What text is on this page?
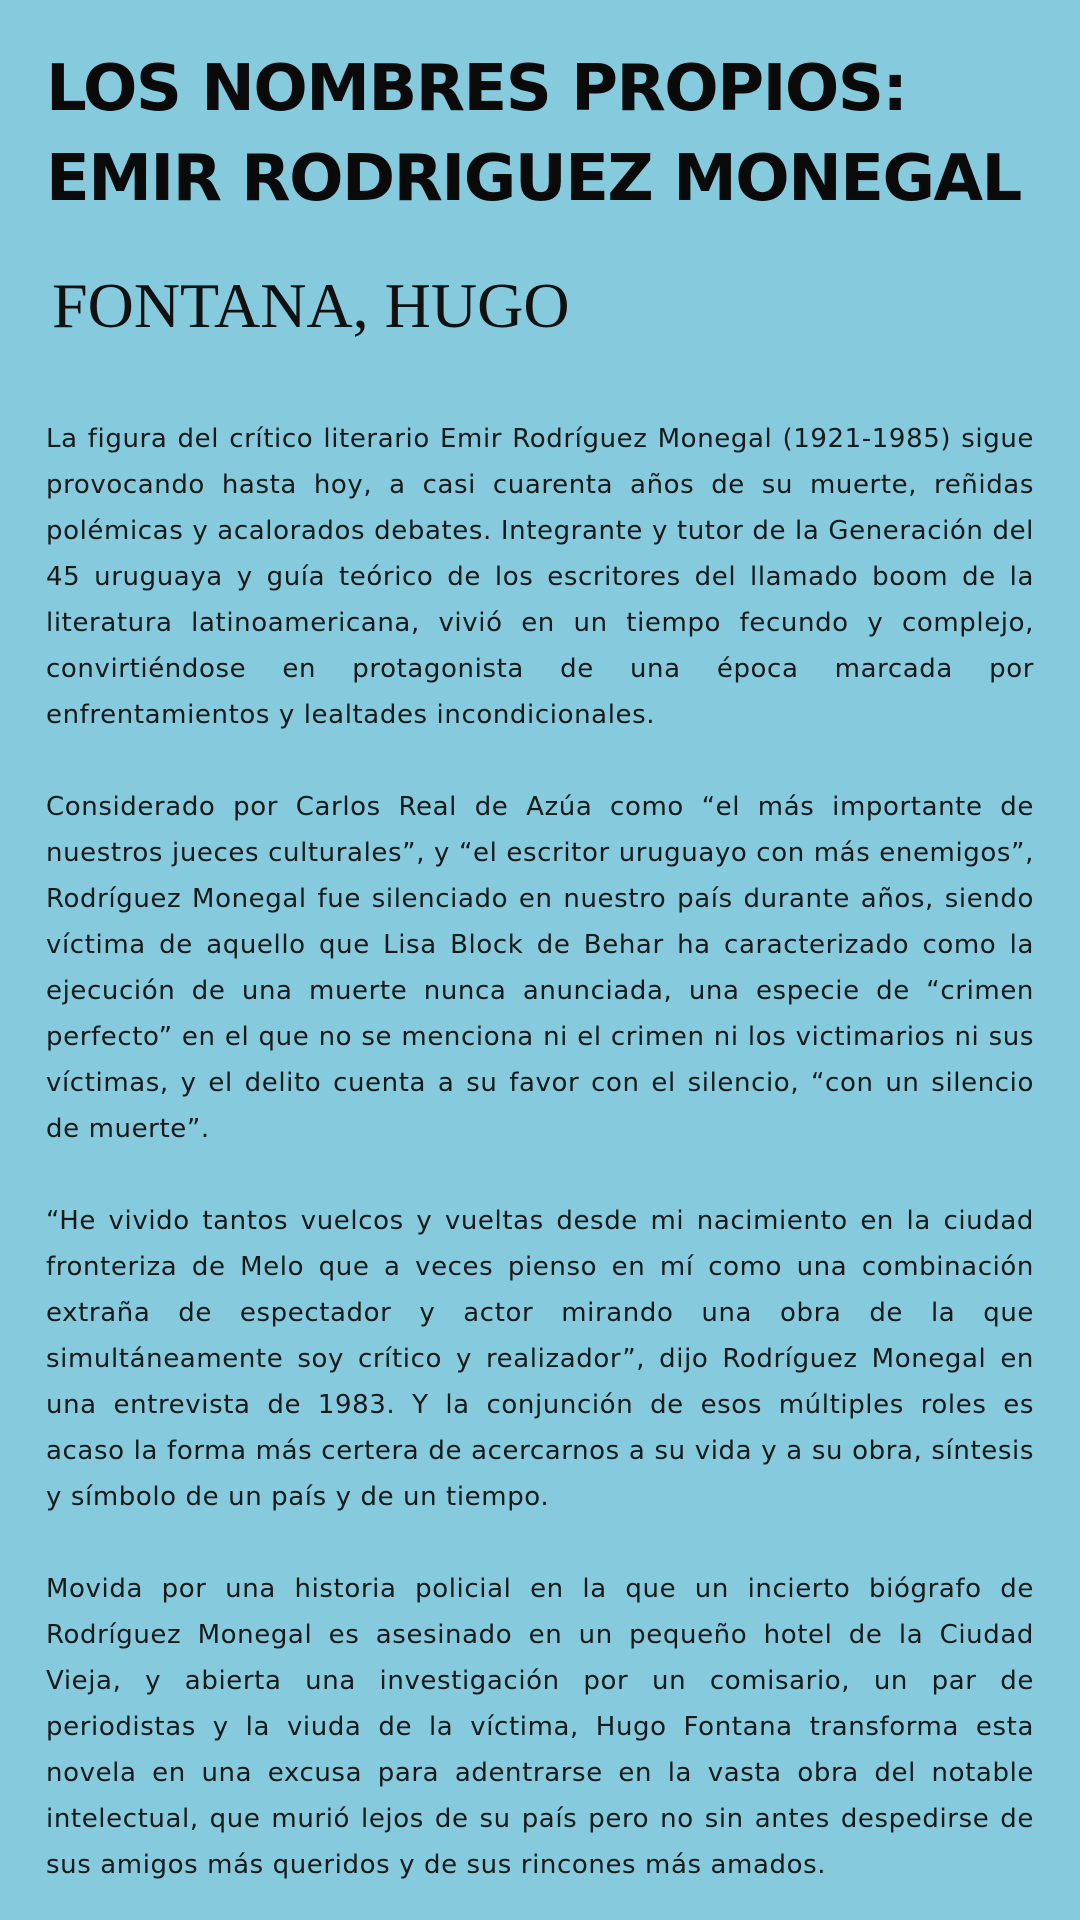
LOS NOMBRES PROPIOS:
EMIR RODRIGUEZ MONEGAL
FONTANA, HUGO

La figura del crítico literario Emir Rodríguez Monegal (1921-1985) sigue provocando hasta hoy, a casi cuarenta años de su muerte, reñidas polémicas y acalorados debates. Integrante y tutor de la Generación del 45 uruguaya y guía teórico de los escritores del llamado boom de la literatura latinoamericana, vivió en un tiempo fecundo y complejo, convirtiéndose en protagonista de una época marcada por enfrentamientos y lealtades incondicionales.

Considerado por Carlos Real de Azúa como “el más importante de nuestros jueces culturales”, y “el escritor uruguayo con más enemigos”, Rodríguez Monegal fue silenciado en nuestro país durante años, siendo víctima de aquello que Lisa Block de Behar ha caracterizado como la ejecución de una muerte nunca anunciada, una especie de “crimen perfecto” en el que no se menciona ni el crimen ni los victimarios ni sus víctimas, y el delito cuenta a su favor con el silencio, “con un silencio de muerte”.

“He vivido tantos vuelcos y vueltas desde mi nacimiento en la ciudad fronteriza de Melo que a veces pienso en mí como una combinación extraña de espectador y actor mirando una obra de la que simultáneamente soy crítico y realizador”, dijo Rodríguez Monegal en una entrevista de 1983. Y la conjunción de esos múltiples roles es acaso la forma más certera de acercarnos a su vida y a su obra, síntesis y símbolo de un país y de un tiempo.

Movida por una historia policial en la que un incierto biógrafo de Rodríguez Monegal es asesinado en un pequeño hotel de la Ciudad Vieja, y abierta una investigación por un comisario, un par de periodistas y la viuda de la víctima, Hugo Fontana transforma esta novela en una excusa para adentrarse en la vasta obra del notable intelectual, que murió lejos de su país pero no sin antes despedirse de sus amigos más queridos y de sus rincones más amados.
